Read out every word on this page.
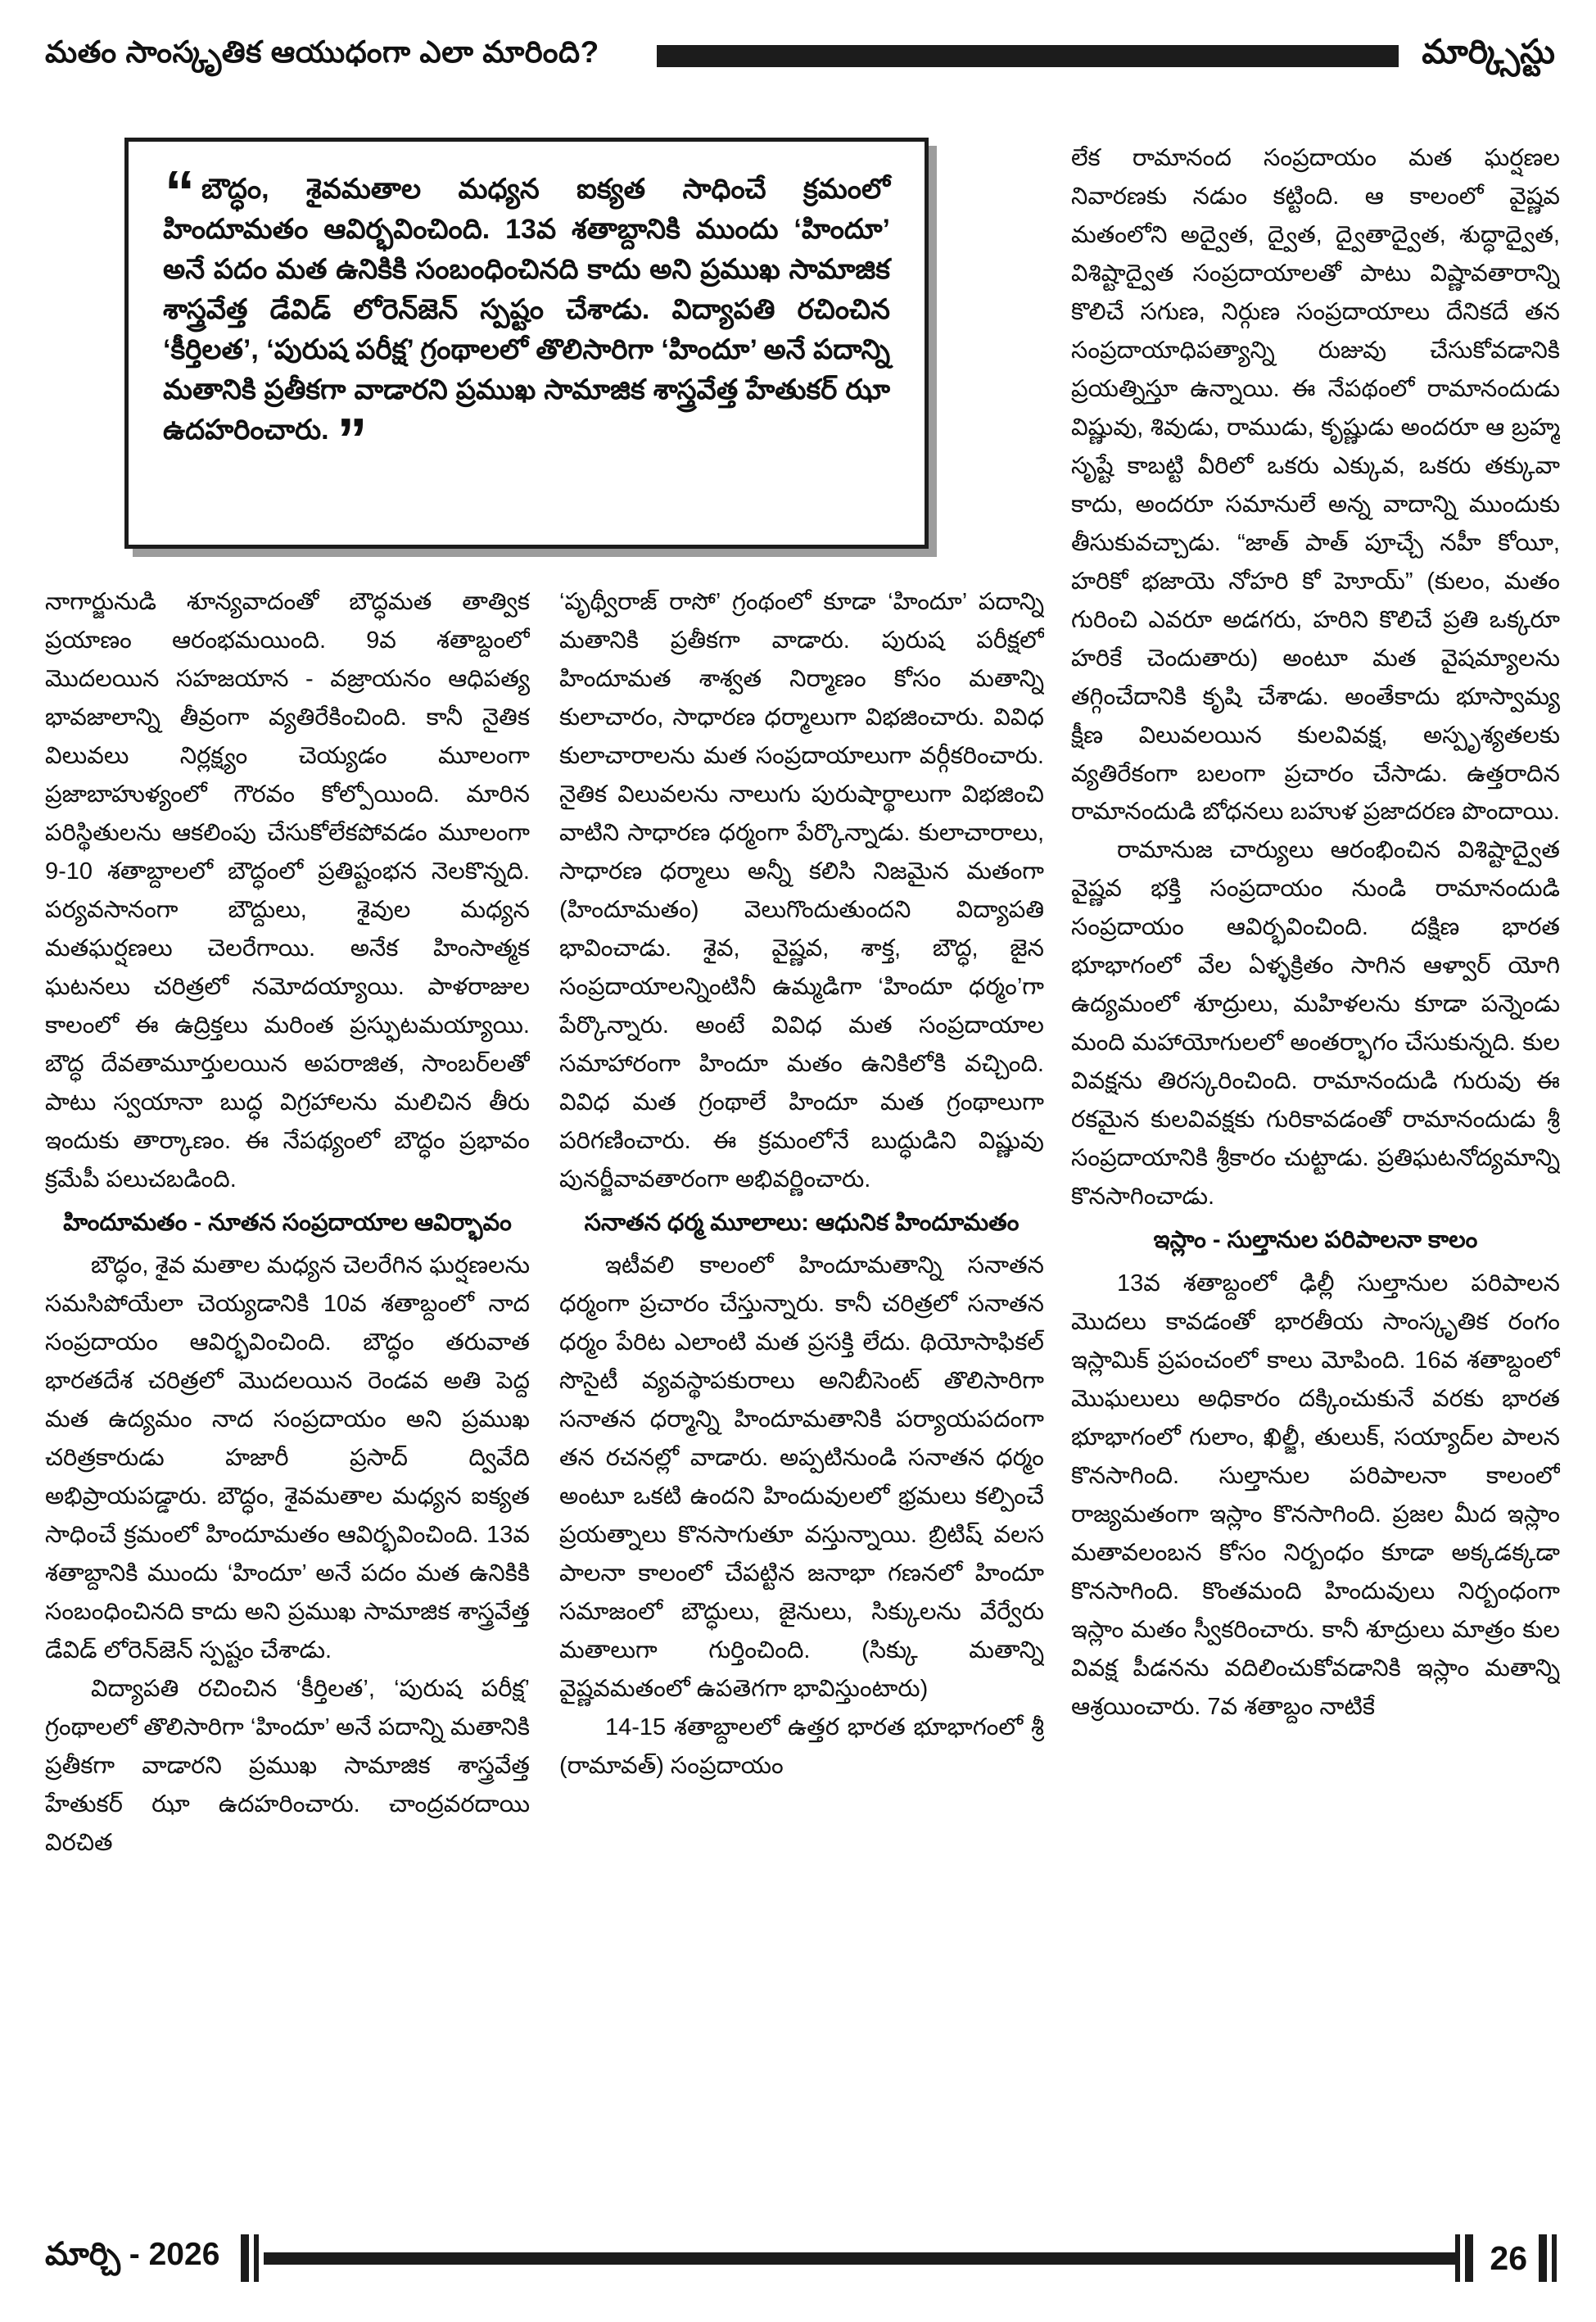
మతం సాంస్కృతిక ఆయుధంగా ఎలా మారింది?	మార్క్సిస్టు
“ బౌద్ధం, శైవమతాల మధ్యన ఐక్యత సాధించే క్రమంలో హిందూమతం ఆవిర్భవించింది. 13వ శతాబ్దానికి ముందు ‘హిందూ’ అనే పదం మత ఉనికికి సంబంధించినది కాదు అని ప్రముఖ సామాజిక శాస్త్రవేత్త డేవిడ్ లోరెన్‌జెన్ స్పష్టం చేశాడు. విద్యాపతి రచించిన ‘కీర్తిలత’, ‘పురుష పరీక్ష’ గ్రంథాలలో తొలిసారిగా ‘హిందూ’ అనే పదాన్ని మతానికి ప్రతీకగా వాడారని ప్రముఖ సామాజిక శాస్త్రవేత్త హేతుకర్ ఝా ఉదహరించారు. ”
నాగార్జునుడి శూన్యవాదంతో బౌద్ధమత తాత్విక ప్రయాణం ఆరంభమయింది. 9వ శతాబ్దంలో మొదలయిన సహజయాన - వజ్రాయనం ఆధిపత్య భావజాలాన్ని తీవ్రంగా వ్యతిరేకించింది. కానీ నైతిక విలువలు నిర్లక్ష్యం చెయ్యడం మూలంగా ప్రజాబాహుళ్యంలో గౌరవం కోల్పోయింది. మారిన పరిస్థితులను ఆకలింపు చేసుకోలేకపోవడం మూలంగా 9-10 శతాబ్దాలలో బౌద్ధంలో ప్రతిష్టంభన నెలకొన్నది. పర్యవసానంగా బౌద్దులు, శైవుల మధ్యన మతఘర్షణలు చెలరేగాయి. అనేక హింసాత్మక ఘటనలు చరిత్రలో నమోదయ్యాయి. పాళరాజుల కాలంలో ఈ ఉద్రిక్తలు మరింత ప్రస్ఫుటమయ్యాయి. బౌద్ధ దేవతామూర్తులయిన అపరాజిత, సాంబర్‌లతో పాటు స్వయానా బుద్ధ విగ్రహాలను మలిచిన తీరు ఇందుకు తార్కాణం. ఈ నేపథ్యంలో బౌద్ధం ప్రభావం క్రమేపీ పలుచబడింది.
హిందూమతం - నూతన సంప్రదాయాల ఆవిర్భావం
బౌద్ధం, శైవ మతాల మధ్యన చెలరేగిన ఘర్షణలను సమసిపోయేలా చెయ్యడానికి 10వ శతాబ్దంలో నాద సంప్రదాయం ఆవిర్భవించింది. బౌద్ధం తరువాత భారతదేశ చరిత్రలో మొదలయిన రెండవ అతి పెద్ద మత ఉద్యమం నాద సంప్రదాయం అని ప్రముఖ చరిత్రకారుడు హజారీ ప్రసాద్ ద్వివేది అభిప్రాయపడ్డారు. బౌద్ధం, శైవమతాల మధ్యన ఐక్యత సాధించే క్రమంలో హిందూమతం ఆవిర్భవించింది. 13వ శతాబ్దానికి ముందు ‘హిందూ’ అనే పదం మత ఉనికికి సంబంధించినది కాదు అని ప్రముఖ సామాజిక శాస్త్రవేత్త డేవిడ్ లోరెన్‌జెన్ స్పష్టం చేశాడు.
విద్యాపతి రచించిన ‘కీర్తిలత’, ‘పురుష పరీక్ష’ గ్రంథాలలో తొలిసారిగా ‘హిందూ’ అనే పదాన్ని మతానికి ప్రతీకగా వాడారని ప్రముఖ సామాజిక శాస్త్రవేత్త హేతుకర్ ఝా ఉదహరించారు. చాంద్రవరదాయి విరచిత
‘పృథ్వీరాజ్ రాసో’ గ్రంథంలో కూడా ‘హిందూ’ పదాన్ని మతానికి ప్రతీకగా వాడారు. పురుష పరీక్షలో హిందూమత శాశ్వత నిర్మాణం కోసం మతాన్ని కులాచారం, సాధారణ ధర్మాలుగా విభజించారు. వివిధ కులాచారాలను మత సంప్రదాయాలుగా వర్గీకరించారు. నైతిక విలువలను నాలుగు పురుషార్థాలుగా విభజించి వాటిని సాధారణ ధర్మంగా పేర్కొన్నాడు. కులాచారాలు, సాధారణ ధర్మాలు అన్నీ కలిసి నిజమైన మతంగా (హిందూమతం) వెలుగొందుతుందని విద్యాపతి భావించాడు. శైవ, వైష్ణవ, శాక్త, బౌద్ధ, జైన సంప్రదాయాలన్నింటినీ ఉమ్మడిగా ‘హిందూ ధర్మం’గా పేర్కొన్నారు. అంటే వివిధ మత సంప్రదాయాల సమాహారంగా హిందూ మతం ఉనికిలోకి వచ్చింది. వివిధ మత గ్రంథాలే హిందూ మత గ్రంథాలుగా పరిగణించారు. ఈ క్రమంలోనే బుద్ధుడిని విష్ణువు పునర్జీవావతారంగా అభివర్ణించారు.
సనాతన ధర్మ మూలాలు: ఆధునిక హిందూమతం
ఇటీవలి కాలంలో హిందూమతాన్ని సనాతన ధర్మంగా ప్రచారం చేస్తున్నారు. కానీ చరిత్రలో సనాతన ధర్మం పేరిట ఎలాంటి మత ప్రసక్తి లేదు. థియోసాఫికల్ సొసైటీ వ్యవస్థాపకురాలు అనిబీసెంట్ తొలిసారిగా సనాతన ధర్మాన్ని హిందూమతానికి పర్యాయపదంగా తన రచనల్లో వాడారు. అప్పటినుండి సనాతన ధర్మం అంటూ ఒకటి ఉందని హిందువులలో భ్రమలు కల్పించే ప్రయత్నాలు కొనసాగుతూ వస్తున్నాయి. బ్రిటిష్ వలస పాలనా కాలంలో చేపట్టిన జనాభా గణనలో హిందూ సమాజంలో బౌద్ధులు, జైనులు, సిక్కులను వేర్వేరు మతాలుగా గుర్తించింది. (సిక్కు మతాన్ని వైష్ణవమతంలో ఉపతెగగా భావిస్తుంటారు)
14-15 శతాబ్దాలలో ఉత్తర భారత భూభాగంలో శ్రీ (రామావత్) సంప్రదాయం
లేక రామానంద సంప్రదాయం మత ఘర్షణల నివారణకు నడుం కట్టింది. ఆ కాలంలో వైష్ణవ మతంలోని అద్వైత, ద్వైత, ద్వైతాద్వైత, శుద్ధాద్వైత, విశిష్టాద్వైత సంప్రదాయాలతో పాటు విష్ణావతారాన్ని కొలిచే సగుణ, నిర్గుణ సంప్రదాయాలు దేనికదే తన సంప్రదాయాధిపత్యాన్ని రుజువు చేసుకోవడానికి ప్రయత్నిస్తూ ఉన్నాయి. ఈ నేపథంలో రామానందుడు విష్ణువు, శివుడు, రాముడు, కృష్ణుడు అందరూ ఆ బ్రహ్మ సృష్టే కాబట్టి వీరిలో ఒకరు ఎక్కువ, ఒకరు తక్కువా కాదు, అందరూ సమానులే అన్న వాదాన్ని ముందుకు తీసుకువచ్చాడు. “జాత్ పాత్ పూచ్చే నహీ కోయీ, హరికో భజాయె నోహరి కో హెూయ్” (కులం, మతం గురించి ఎవరూ అడగరు, హరిని కొలిచే ప్రతి ఒక్కరూ హరికే చెందుతారు) అంటూ మత వైషమ్యాలను తగ్గించేదానికి కృషి చేశాడు. అంతేకాదు భూస్వామ్య క్షీణ విలువలయిన కులవివక్ష, అస్పృశ్యతలకు వ్యతిరేకంగా బలంగా ప్రచారం చేసాడు. ఉత్తరాదిన రామానందుడి బోధనలు బహుళ ప్రజాదరణ పొందాయి.
రామానుజ చార్యులు ఆరంభించిన విశిష్టాద్వైత వైష్ణవ భక్తి సంప్రదాయం నుండి రామానందుడి సంప్రదాయం ఆవిర్భవించింది. దక్షిణ భారత భూభాగంలో వేల ఏళ్ళక్రితం సాగిన ఆళ్వార్ యోగి ఉద్యమంలో శూద్రులు, మహిళలను కూడా పన్నెండు మంది మహాయోగులలో అంతర్భాగం చేసుకున్నది. కుల వివక్షను తిరస్కరించింది. రామానందుడి గురువు ఈ రకమైన కులవివక్షకు గురికావడంతో రామానందుడు శ్రీ సంప్రదాయానికి శ్రీకారం చుట్టాడు. ప్రతిఘటనోద్యమాన్ని కొనసాగించాడు.
ఇస్లాం - సుల్తానుల పరిపాలనా కాలం
13వ శతాబ్దంలో ఢిల్లీ సుల్తానుల పరిపాలన మొదలు కావడంతో భారతీయ సాంస్కృతిక రంగం ఇస్లామిక్ ప్రపంచంలో కాలు మోపింది. 16వ శతాబ్దంలో మొఘలులు అధికారం దక్కించుకునే వరకు భారత భూభాగంలో గులాం, ఖిల్జీ, తులుక్, సయ్యాద్‌ల పాలన కొనసాగింది. సుల్తానుల పరిపాలనా కాలంలో రాజ్యమతంగా ఇస్లాం కొనసాగింది. ప్రజల మీద ఇస్లాం మతావలంబన కోసం నిర్బంధం కూడా అక్కడక్కడా కొనసాగింది. కొంతమంది హిందువులు నిర్బంధంగా ఇస్లాం మతం స్వీకరించారు. కానీ శూద్రులు మాత్రం కుల వివక్ష పీడనను వదిలించుకోవడానికి ఇస్లాం మతాన్ని ఆశ్రయించారు. 7వ శతాబ్దం నాటికే
మార్చి - 2026	26
